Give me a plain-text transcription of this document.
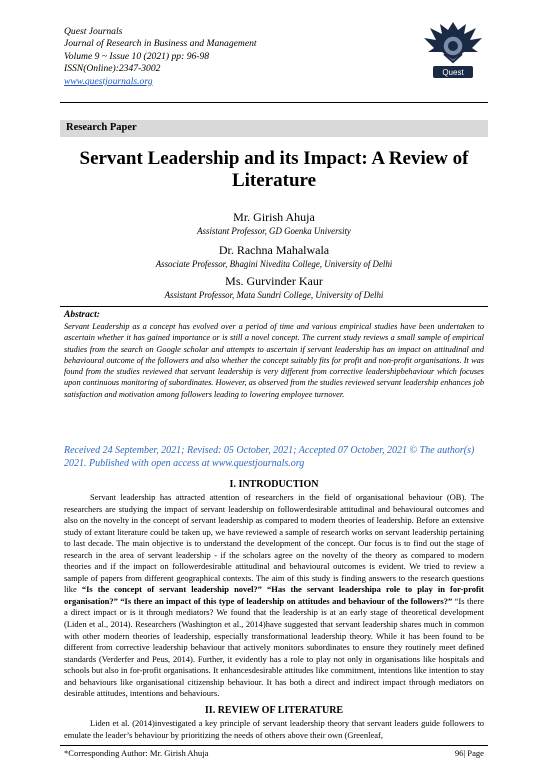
Quest Journals
Journal of Research in Business and Management
Volume 9 ~ Issue 10 (2021) pp: 96-98
ISSN(Online):2347-3002
www.questjournals.org
Quest
Research Paper
Servant Leadership and its Impact: A Review of Literature
Mr. Girish Ahuja
Assistant Professor, GD Goenka University
Dr. Rachna Mahalwala
Associate Professor, Bhagini Nivedita College, University of Delhi
Ms. Gurvinder Kaur
Assistant Professor, Mata Sundri College, University of Delhi
Abstract:
Servant Leadership as a concept has evolved over a period of time and various empirical studies have been undertaken to ascertain whether it has gained importance or is still a novel concept. The current study reviews a small sample of empirical studies from the search on Google scholar and attempts to ascertain if servant leadership has an impact on attitudinal and behavioural outcome of the followers and also whether the concept suitably fits for profit and non-profit organisations. It was found from the studies reviewed that servant leadership is very different from corrective leadershipbehaviour which focuses upon continuous monitoring of subordinates. However, as observed from the studies reviewed servant leadership enhances job satisfaction and motivation among followers leading to lowering employee turnover.
Received 24 September, 2021; Revised: 05 October, 2021; Accepted 07 October, 2021 © The author(s) 2021. Published with open access at www.questjournals.org
I. INTRODUCTION
Servant leadership has attracted attention of researchers in the field of organisational behaviour (OB). The researchers are studying the impact of servant leadership on followerdesirable attitudinal and behavioural outcomes and also on the novelty in the concept of servant leadership as compared to modern theories of leadership. Before an extensive study of extant literature could be taken up, we have reviewed a sample of research works on servant leadership pertaining to last decade. The main objective is to understand the development of the concept. Our focus is to find out the stage of research in the area of servant leadership - if the scholars agree on the novelty of the theory as compared to modern theories and if the impact on followerdesirable attitudinal and behavioural outcomes is evident. We tried to review a sample of papers from different geographical contexts. The aim of this study is finding answers to the research questions like “Is the concept of servant leadership novel?” “Has the servant leadershipa role to play in for-profit organisation?” “Is there an impact of this type of leadership on attitudes and behaviour of the followers?” “Is there a direct impact or is it through mediators? We found that the leadership is at an early stage of theoretical development (Liden et al., 2014). Researchers (Washington et al., 2014)have suggested that servant leadership shares much in common with other modern theories of leadership, especially transformational leadership theory. While it has been found to be different from corrective leadership behaviour that actively monitors subordinates to ensure they routinely meet defined standards (Verderfer and Peus, 2014). Further, it evidently has a role to play not only in organisations like hospitals and schools but also in for-profit organisations. It enhancesdesirable attitudes like commitment, intentions like intention to stay and behaviours like organisational citizenship behaviour. It has both a direct and indirect impact through mediators on desirable attitudes, intentions and behaviours.
II. REVIEW OF LITERATURE
Liden et al. (2014)investigated a key principle of servant leadership theory that servant leaders guide followers to emulate the leader’s behaviour by prioritizing the needs of others above their own (Greenleaf,
*Corresponding Author: Mr. Girish Ahuja	96| Page
